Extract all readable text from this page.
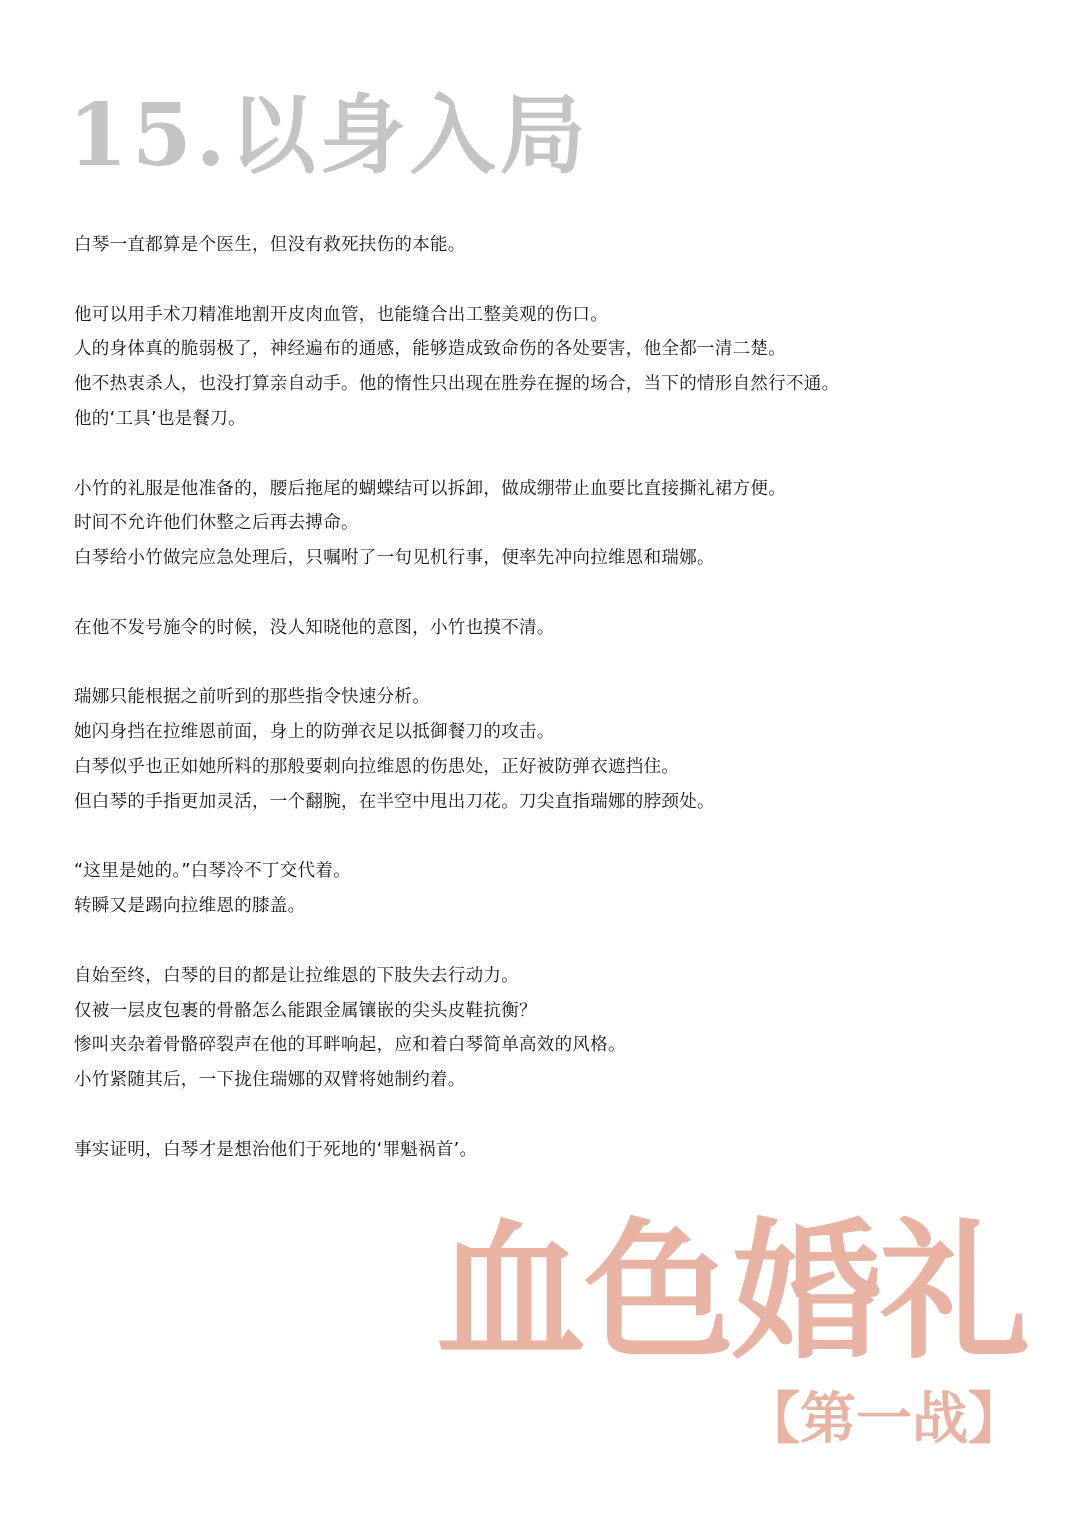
15.以身入局
白琴一直都算是个医生，但没有救死扶伤的本能。
他可以用手术刀精准地割开皮肉血管，也能缝合出工整美观的伤口。
人的身体真的脆弱极了，神经遍布的通感，能够造成致命伤的各处要害，他全都一清二楚。
他不热衷杀人，也没打算亲自动手。他的惰性只出现在胜券在握的场合，当下的情形自然行不通。
他的‘工具’也是餐刀。
小竹的礼服是他准备的，腰后拖尾的蝴蝶结可以拆卸，做成绷带止血要比直接撕礼裙方便。
时间不允许他们休整之后再去搏命。
白琴给小竹做完应急处理后，只嘱咐了一句见机行事，便率先冲向拉维恩和瑞娜。
在他不发号施令的时候，没人知晓他的意图，小竹也摸不清。
瑞娜只能根据之前听到的那些指令快速分析。
她闪身挡在拉维恩前面，身上的防弹衣足以抵御餐刀的攻击。
白琴似乎也正如她所料的那般要刺向拉维恩的伤患处，正好被防弹衣遮挡住。
但白琴的手指更加灵活，一个翻腕，在半空中甩出刀花。刀尖直指瑞娜的脖颈处。
“这里是她的。”白琴冷不丁交代着。
转瞬又是踢向拉维恩的膝盖。
自始至终，白琴的目的都是让拉维恩的下肢失去行动力。
仅被一层皮包裹的骨骼怎么能跟金属镶嵌的尖头皮鞋抗衡？
惨叫夹杂着骨骼碎裂声在他的耳畔响起，应和着白琴简单高效的风格。
小竹紧随其后，一下拢住瑞娜的双臂将她制约着。
事实证明，白琴才是想治他们于死地的‘罪魁祸首’。
血色婚礼
【第一战】
